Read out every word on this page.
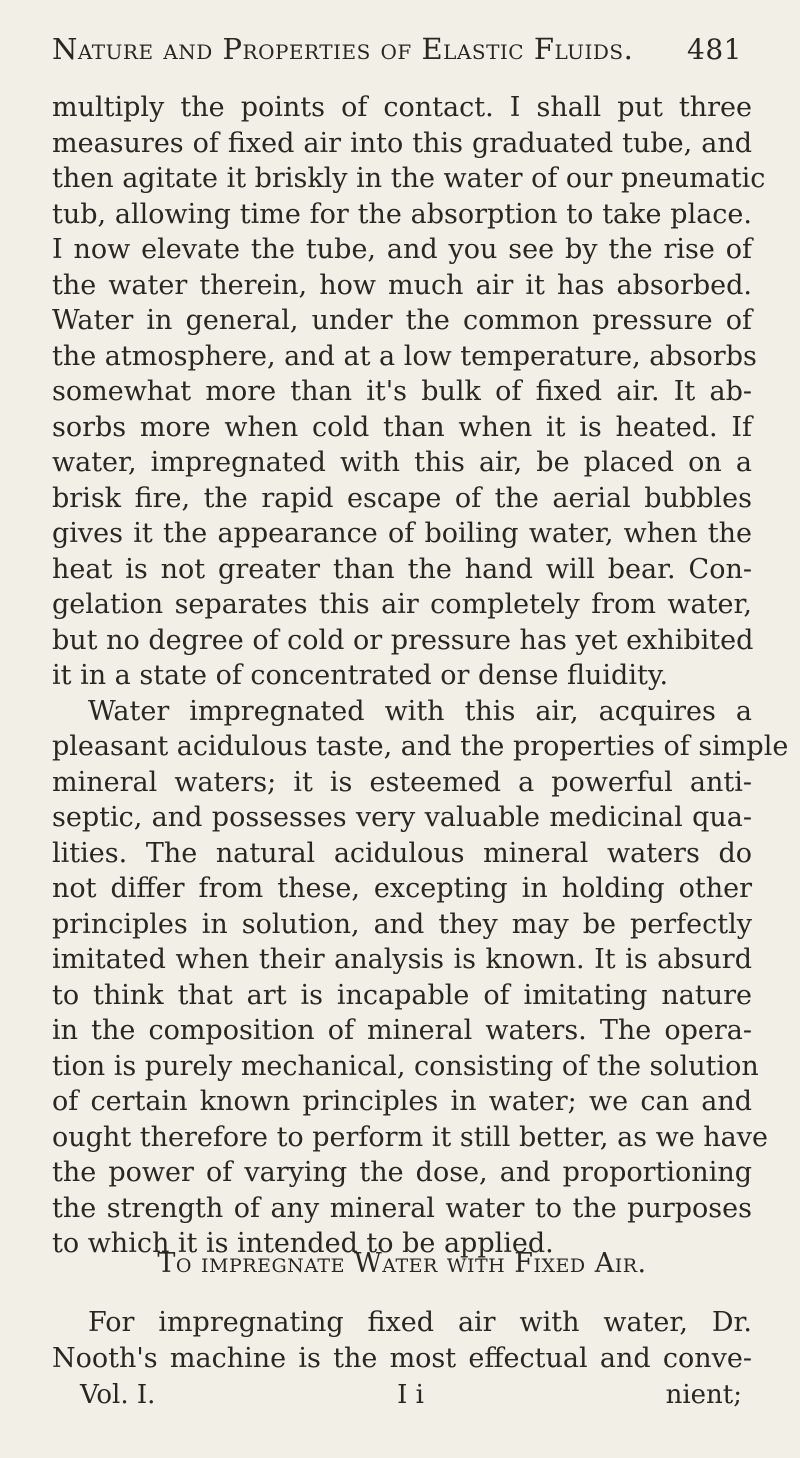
Nature and Properties of Elastic Fluids. 481
multiply the points of contact. I shall put three
measures of fixed air into this graduated tube, and
then agitate it briskly in the water of our pneumatic
tub, allowing time for the absorption to take place.
I now elevate the tube, and you see by the rise of
the water therein, how much air it has absorbed.
Water in general, under the common pressure of
the atmosphere, and at a low temperature, absorbs
somewhat more than it's bulk of fixed air. It ab-
sorbs more when cold than when it is heated. If
water, impregnated with this air, be placed on a
brisk fire, the rapid escape of the aerial bubbles
gives it the appearance of boiling water, when the
heat is not greater than the hand will bear. Con-
gelation separates this air completely from water,
but no degree of cold or pressure has yet exhibited
it in a state of concentrated or dense fluidity.
Water impregnated with this air, acquires a
pleasant acidulous taste, and the properties of simple
mineral waters; it is esteemed a powerful anti-
septic, and possesses very valuable medicinal qua-
lities. The natural acidulous mineral waters do
not differ from these, excepting in holding other
principles in solution, and they may be perfectly
imitated when their analysis is known. It is absurd
to think that art is incapable of imitating nature
in the composition of mineral waters. The opera-
tion is purely mechanical, consisting of the solution
of certain known principles in water; we can and
ought therefore to perform it still better, as we have
the power of varying the dose, and proportioning
the strength of any mineral water to the purposes
to which it is intended to be applied.
To impregnate Water with Fixed Air.
For impregnating fixed air with water, Dr.
Nooth's machine is the most effectual and conve-
Vol. I.	I i	nient;
